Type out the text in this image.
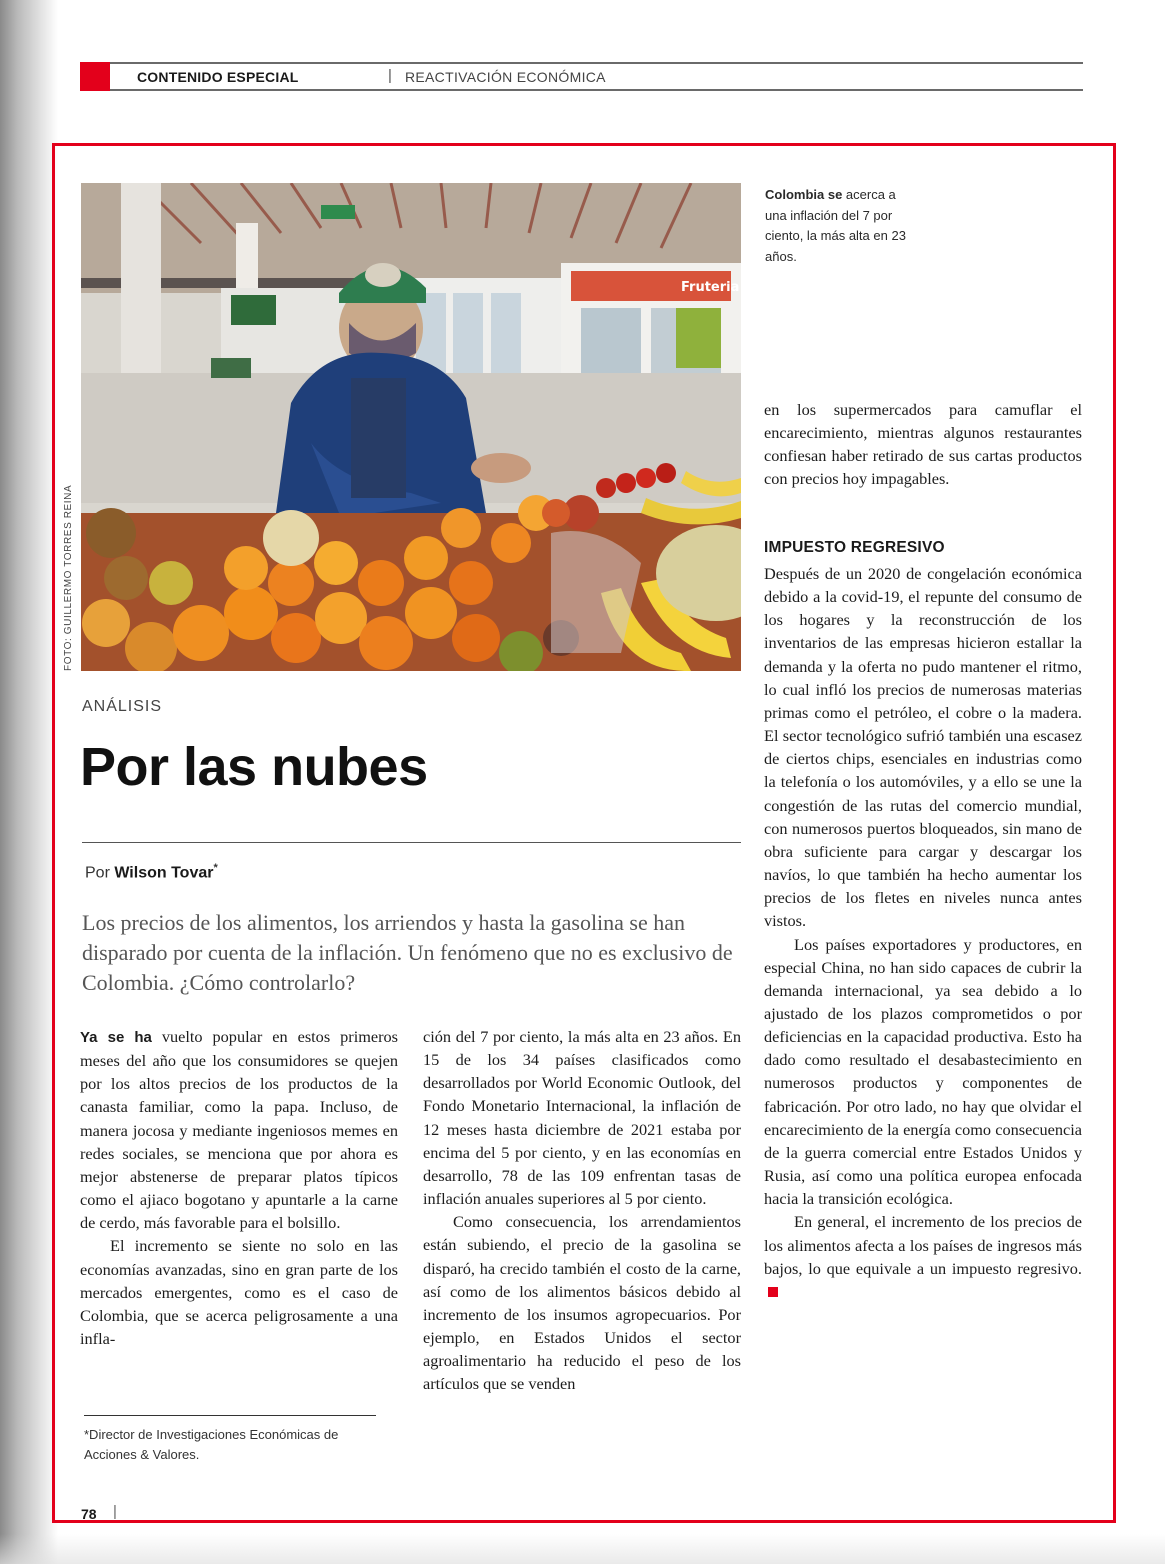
CONTENIDO ESPECIAL	| REACTIVACIÓN ECONÓMICA
Fruteria
FOTO: GUILLERMO TORRES REINA
Colombia se acerca a una inflación del 7 por ciento, la más alta en 23 años.
ANÁLISIS
Por las nubes
Por Wilson Tovar*
Los precios de los alimentos, los arriendos y hasta la gasolina se han disparado por cuenta de la inflación. Un fenómeno que no es exclusivo de Colombia. ¿Cómo controlarlo?

Ya se ha vuelto popular en estos primeros meses del año que los consumidores se quejen por los altos precios de los productos de la canasta familiar, como la papa. Incluso, de manera jocosa y mediante ingeniosos memes en redes sociales, se menciona que por ahora es mejor abstenerse de preparar platos típicos como el ajiaco bogotano y apuntarle a la carne de cerdo, más favorable para el bolsillo.

El incremento se siente no solo en las economías avanzadas, sino en gran parte de los mercados emergentes, como es el caso de Colombia, que se acerca peligrosamente a una infla-

ción del 7 por ciento, la más alta en 23 años. En 15 de los 34 países clasificados como desarrollados por World Economic Outlook, del Fondo Monetario Internacional, la inflación de 12 meses hasta diciembre de 2021 estaba por encima del 5 por ciento, y en las economías en desarrollo, 78 de las 109 enfrentan tasas de inflación anuales superiores al 5 por ciento.

Como consecuencia, los arrendamientos están subiendo, el precio de la gasolina se disparó, ha crecido también el costo de la carne, así como de los alimentos básicos debido al incremento de los insumos agropecuarios. Por ejemplo, en Estados Unidos el sector agroalimentario ha reducido el peso de los artículos que se venden

en los supermercados para camuflar el encarecimiento, mientras algunos restaurantes confiesan haber retirado de sus cartas productos con precios hoy impagables.

IMPUESTO REGRESIVO

Después de un 2020 de congelación económica debido a la covid-19, el repunte del consumo de los hogares y la reconstrucción de los inventarios de las empresas hicieron estallar la demanda y la oferta no pudo mantener el ritmo, lo cual infló los precios de numerosas materias primas como el petróleo, el cobre o la madera. El sector tecnológico sufrió también una escasez de ciertos chips, esenciales en industrias como la telefonía o los automóviles, y a ello se une la congestión de las rutas del comercio mundial, con numerosos puertos bloqueados, sin mano de obra suficiente para cargar y descargar los navíos, lo que también ha hecho aumentar los precios de los fletes en niveles nunca antes vistos.

Los países exportadores y productores, en especial China, no han sido capaces de cubrir la demanda internacional, ya sea debido a lo ajustado de los plazos comprometidos o por deficiencias en la capacidad productiva. Esto ha dado como resultado el desabastecimiento en numerosos productos y componentes de fabricación. Por otro lado, no hay que olvidar el encarecimiento de la energía como consecuencia de la guerra comercial entre Estados Unidos y Rusia, así como una política europea enfocada hacia la transición ecológica.

En general, el incremento de los precios de los alimentos afecta a los países de ingresos más bajos, lo que equivale a un impuesto regresivo.

*Director de Investigaciones Económicas de Acciones & Valores.
78 |
